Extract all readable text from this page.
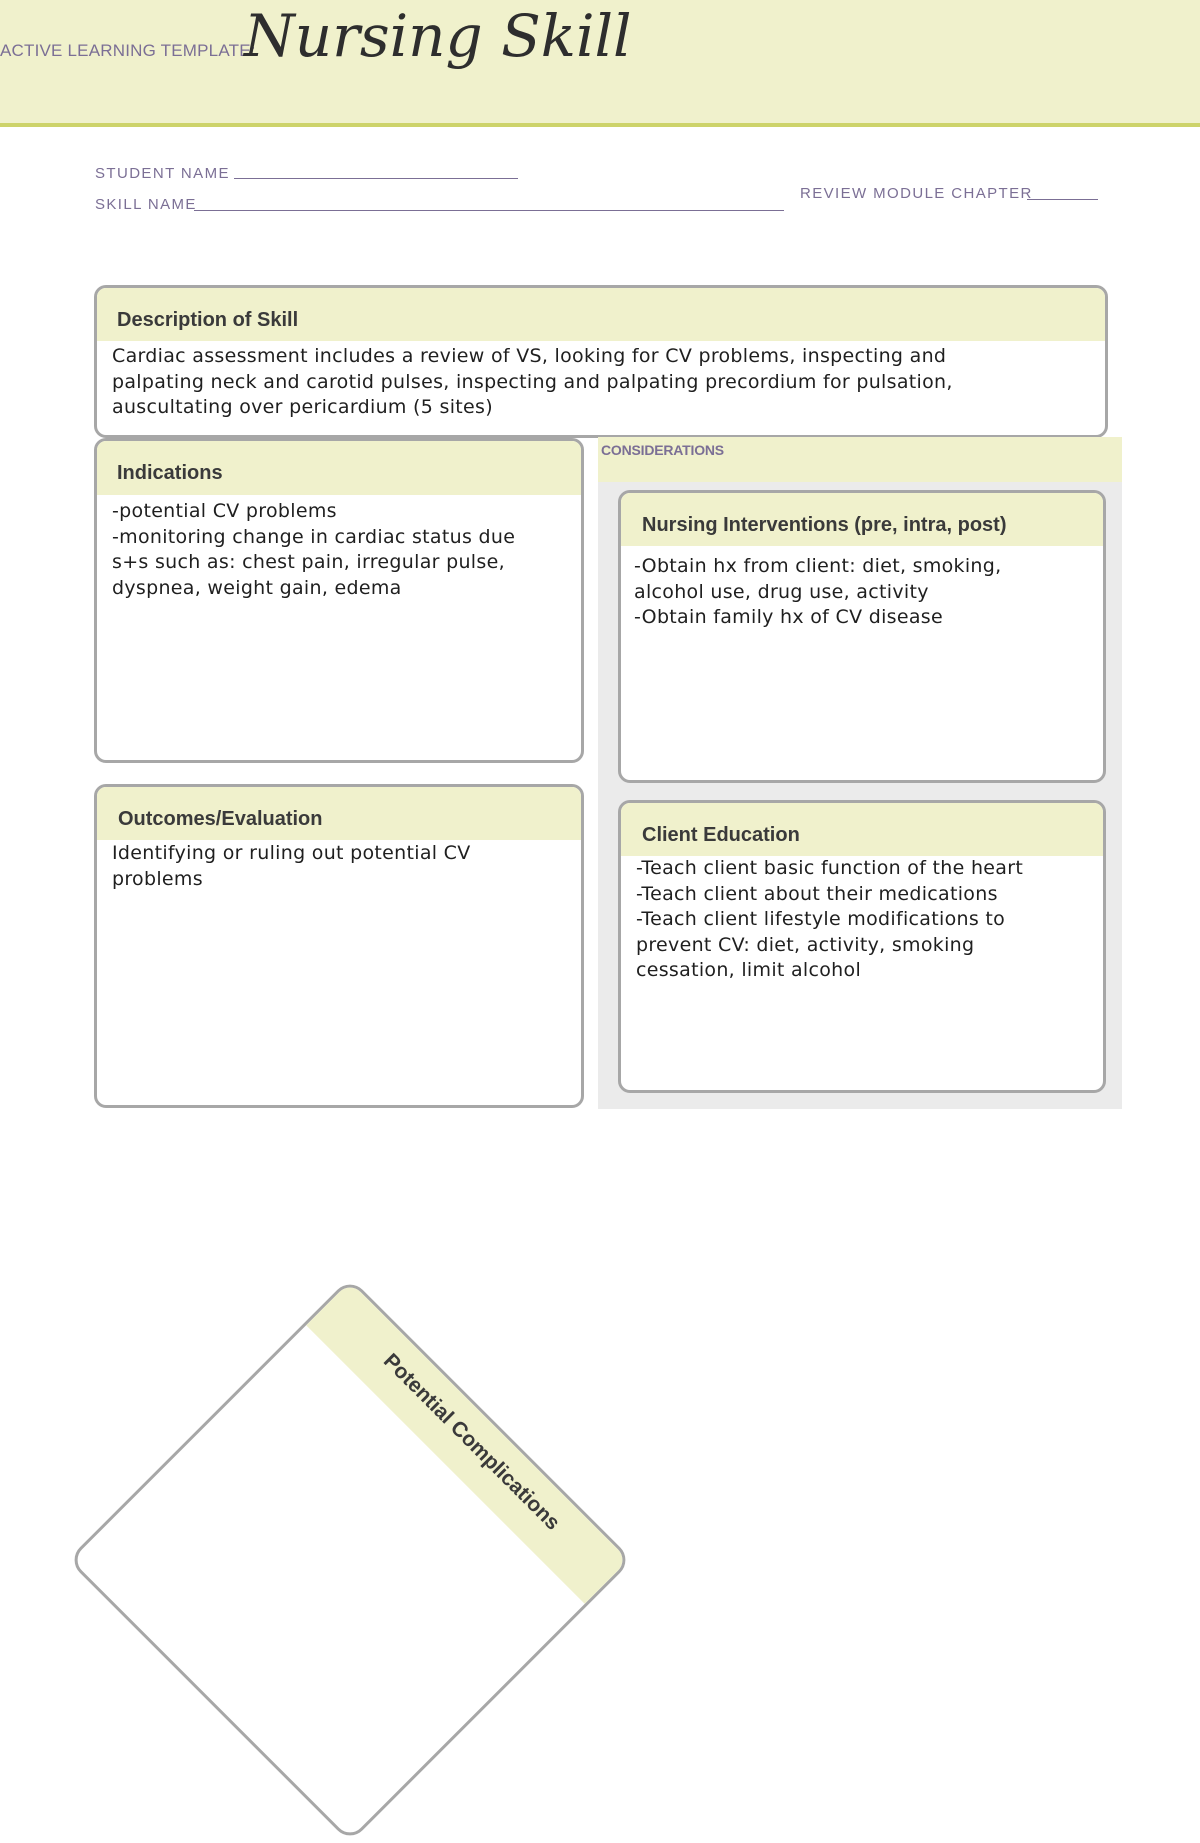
ACTIVE LEARNING TEMPLATE:
Nursing Skill
STUDENT NAME
SKILL NAME
REVIEW MODULE CHAPTER
Description of Skill
Cardiac assessment includes a review of VS, looking for CV problems, inspecting and
palpating neck and carotid pulses, inspecting and palpating precordium for pulsation,
auscultating over pericardium (5 sites)
Indications
-potential CV problems
-monitoring change in cardiac status due
s+s such as: chest pain, irregular pulse,
dyspnea, weight gain, edema
Outcomes/Evaluation
Identifying or ruling out potential CV
problems
CONSIDERATIONS
Nursing Interventions (pre, intra, post)
-Obtain hx from client: diet, smoking,
alcohol use, drug use, activity
-Obtain family hx of CV disease
Client Education
-Teach client basic function of the heart
-Teach client about their medications
-Teach client lifestyle modifications to
prevent CV: diet, activity, smoking
cessation, limit alcohol
Potential Complications
